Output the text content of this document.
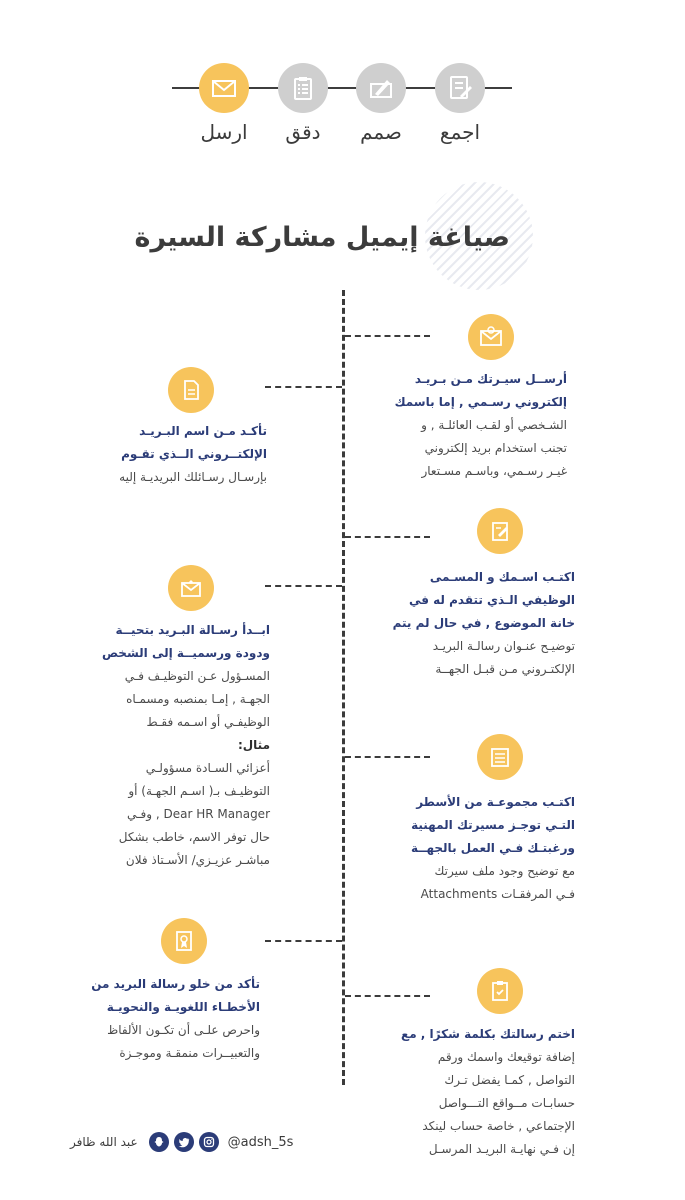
اجمع
صمم
دقق
ارسل
صياغة إيميل مشاركة السيرة
أرســل سيـرتك مـن بـريـد
إلكتروني رسـمي , إما باسمك
الشـخصي أو لقـب العائلـة , و
تجنب استخدام بريد إلكتروني
غيـر رسـمي، وباسـم مسـتعار
تأكـد مـن اسم البـريـد
الإلكتــروني الــذي تقـوم
بإرسـال رسـائلك البريديـة إليه
اكتـب اسـمك و المسـمى
الوظيفي الـذي تتقدم له في
خانة الموضوع , في حال لم يتم
توضيـح عنـوان رسالـة البريـد
الإلكتـروني مـن قبـل الجهــة
ابــدأ رسـالة البـريد بتحيــة
ودودة ورسميــة إلى الشخص
المسـؤول عـن التوظيـف فـي
الجهـة , إمـا بمنصبه ومسمـاه
الوظيفـي أو اسـمه فقـط
مثال:
أعزائي السـادة مسؤولـي
التوظيـف بـ( اسـم الجهـة) أو
Dear HR Manager , وفـي
حال توفر الاسم، خاطب بشكل
مباشـر عزيـزي/ الأسـتاذ فلان
اكتـب مجموعـة من الأسطر
التـي توجـز مسيرتك المهنية
ورغبتـك فـي العمل بالجهــة
مع توضيح وجود ملف سيرتك
فـي المرفقـات Attachments
تأكد من خلو رسالة البريد من
الأخطـاء اللغويـة والنحويـة
واحرص علـى أن تكـون الألفاظ
والتعبيــرات منمقـة وموجـزة
اختم رسالتك بكلمة شكرًا , مع
إضافة توقيعك واسمك ورقم
التواصل , كمـا يفضل تـرك
حسابـات مــواقع التـــواصل
الإجتماعي , خاصة حساب لينكد
إن فـي نهايـة البريـد المرسـل
عبد الله ظافر	@adsh_5s
